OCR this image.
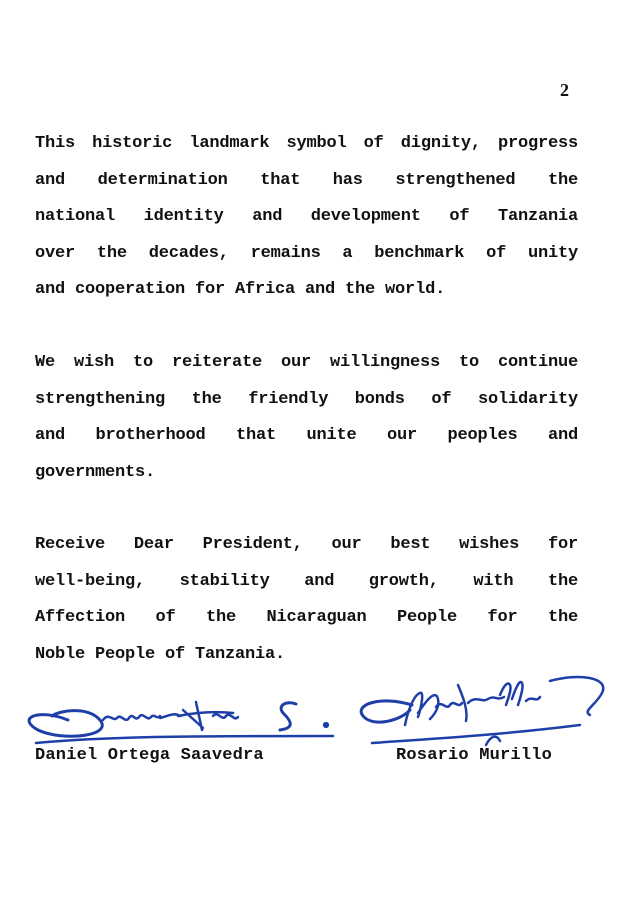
2

This historic landmark symbol of dignity, progress
and determination that has strengthened the
national identity and development of Tanzania
over the decades, remains a benchmark of unity
and cooperation for Africa and the world.

We wish to reiterate our willingness to continue
strengthening the friendly bonds of solidarity
and brotherhood that unite our peoples and
governments.

Receive Dear President, our best wishes for
well-being, stability and growth, with the
Affection of the Nicaraguan People for the
Noble People of Tanzania.

Daniel Ortega Saavedra	Rosario Murillo
